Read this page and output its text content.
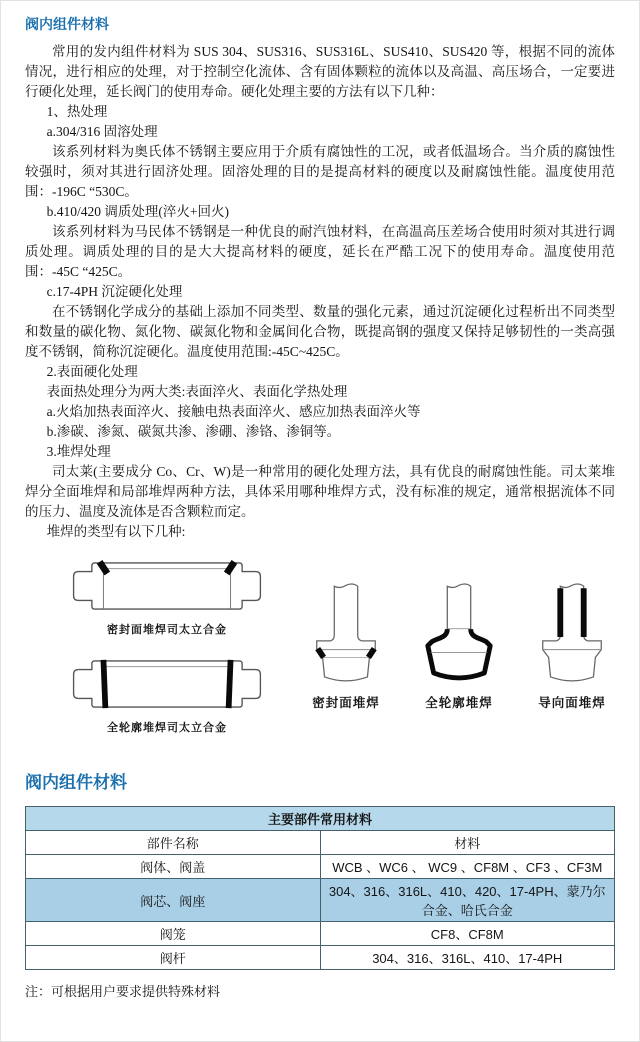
阀内组件材料

常用的发内组件材料为 SUS 304、SUS316、SUS316L、SUS410、SUS420 等，根据不同的流体情况，进行相应的处理，对于控制空化流体、含有固体颗粒的流体以及高温、高压场合，一定要进行硬化处理，延长阀门的使用寿命。硬化处理主要的方法有以下几种：

1、热处理

a.304/316 固溶处理

该系列材料为奥氏体不锈钢主要应用于介质有腐蚀性的工况，或者低温场合。当介质的腐蚀性较强时，须对其进行固济处理。固溶处理的目的是提高材料的硬度以及耐腐蚀性能。温度使用范围：-196C “530C。

b.410/420 调质处理(淬火+回火)

该系列材料为马民体不锈钢是一种优良的耐汽蚀材料，在高温高压差场合使用时须对其进行调质处理。调质处理的目的是大大提高材料的硬度，延长在严酷工况下的使用寿命。温度使用范围：-45C “425C。

c.17-4PH 沉淀硬化处理

在不锈钢化学成分的基础上添加不同类型、数量的强化元素，通过沉淀硬化过程析出不同类型和数量的碳化物、氮化物、碳氮化物和金属间化合物，既提高钢的强度又保持足够韧性的一类高强度不锈钢，简称沉淀硬化。温度使用范围:-45C~425C。

2.表面硬化处理

表面热处理分为两大类:表面淬火、表面化学热处理

a.火焰加热表面淬火、接触电热表面淬火、感应加热表面淬火等

b.渗碳、渗氮、碳氮共渗、渗硼、渗铬、渗铜等。

3.堆焊处理

司太莱(主要成分 Co、Cr、W)是一种常用的硬化处理方法，具有优良的耐腐蚀性能。司太莱堆焊分全面堆焊和局部堆焊两种方法，具体采用哪种堆焊方式，没有标准的规定，通常根据流体不同的压力、温度及流体是否含颗粒而定。

堆焊的类型有以下几种:

密封面堆焊司太立合金
全轮廓堆焊司太立合金
密封面堆焊	全轮廓堆焊	导向面堆焊
阀内组件材料
主要部件常用材料	
部件名称	材料
阀体、阀盖	WCB 、WC6 、 WC9 、CF8M 、CF3 、CF3M
阀芯、阀座	304、316、316L、410、420、17-4PH、蒙乃尔合金、哈氏合金
阀笼	CF8、CF8M
阀杆	304、316、316L、410、17-4PH

注：可根据用户要求提供特殊材料
